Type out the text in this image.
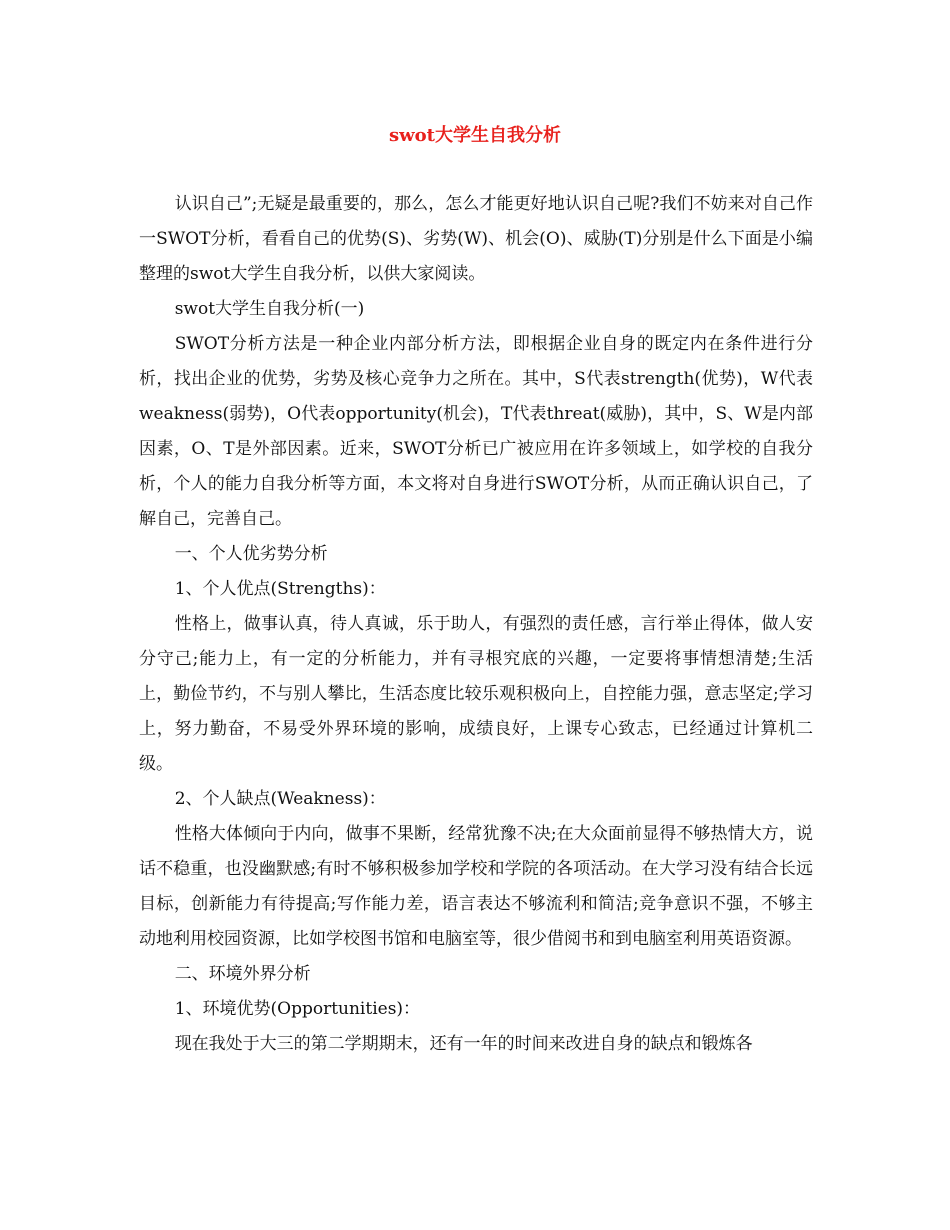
swot大学生自我分析

认识自己”;无疑是最重要的，那么，怎么才能更好地认识自己呢?我们不妨来对自己作一SWOT分析，看看自己的优势(S)、劣势(W)、机会(O)、威胁(T)分别是什么下面是小编整理的swot大学生自我分析，以供大家阅读。

swot大学生自我分析(一)

SWOT分析方法是一种企业内部分析方法，即根据企业自身的既定内在条件进行分析，找出企业的优势，劣势及核心竞争力之所在。其中，S代表strength(优势)，W代表weakness(弱势)，O代表opportunity(机会)，T代表threat(威胁)，其中，S、W是内部因素，O、T是外部因素。近来，SWOT分析已广被应用在许多领域上，如学校的自我分析，个人的能力自我分析等方面，本文将对自身进行SWOT分析，从而正确认识自己，了解自己，完善自己。

一、个人优劣势分析

1、个人优点(Strengths)：

性格上，做事认真，待人真诚，乐于助人，有强烈的责任感，言行举止得体，做人安分守己;能力上，有一定的分析能力，并有寻根究底的兴趣，一定要将事情想清楚;生活上，勤俭节约，不与别人攀比，生活态度比较乐观积极向上，自控能力强，意志坚定;学习上，努力勤奋，不易受外界环境的影响，成绩良好，上课专心致志，已经通过计算机二级。

2、个人缺点(Weakness)：

性格大体倾向于内向，做事不果断，经常犹豫不决;在大众面前显得不够热情大方，说话不稳重，也没幽默感;有时不够积极参加学校和学院的各项活动。在大学习没有结合长远目标，创新能力有待提高;写作能力差，语言表达不够流利和简洁;竞争意识不强，不够主动地利用校园资源，比如学校图书馆和电脑室等，很少借阅书和到电脑室利用英语资源。

二、环境外界分析

1、环境优势(Opportunities)：

现在我处于大三的第二学期期末，还有一年的时间来改进自身的缺点和锻炼各
